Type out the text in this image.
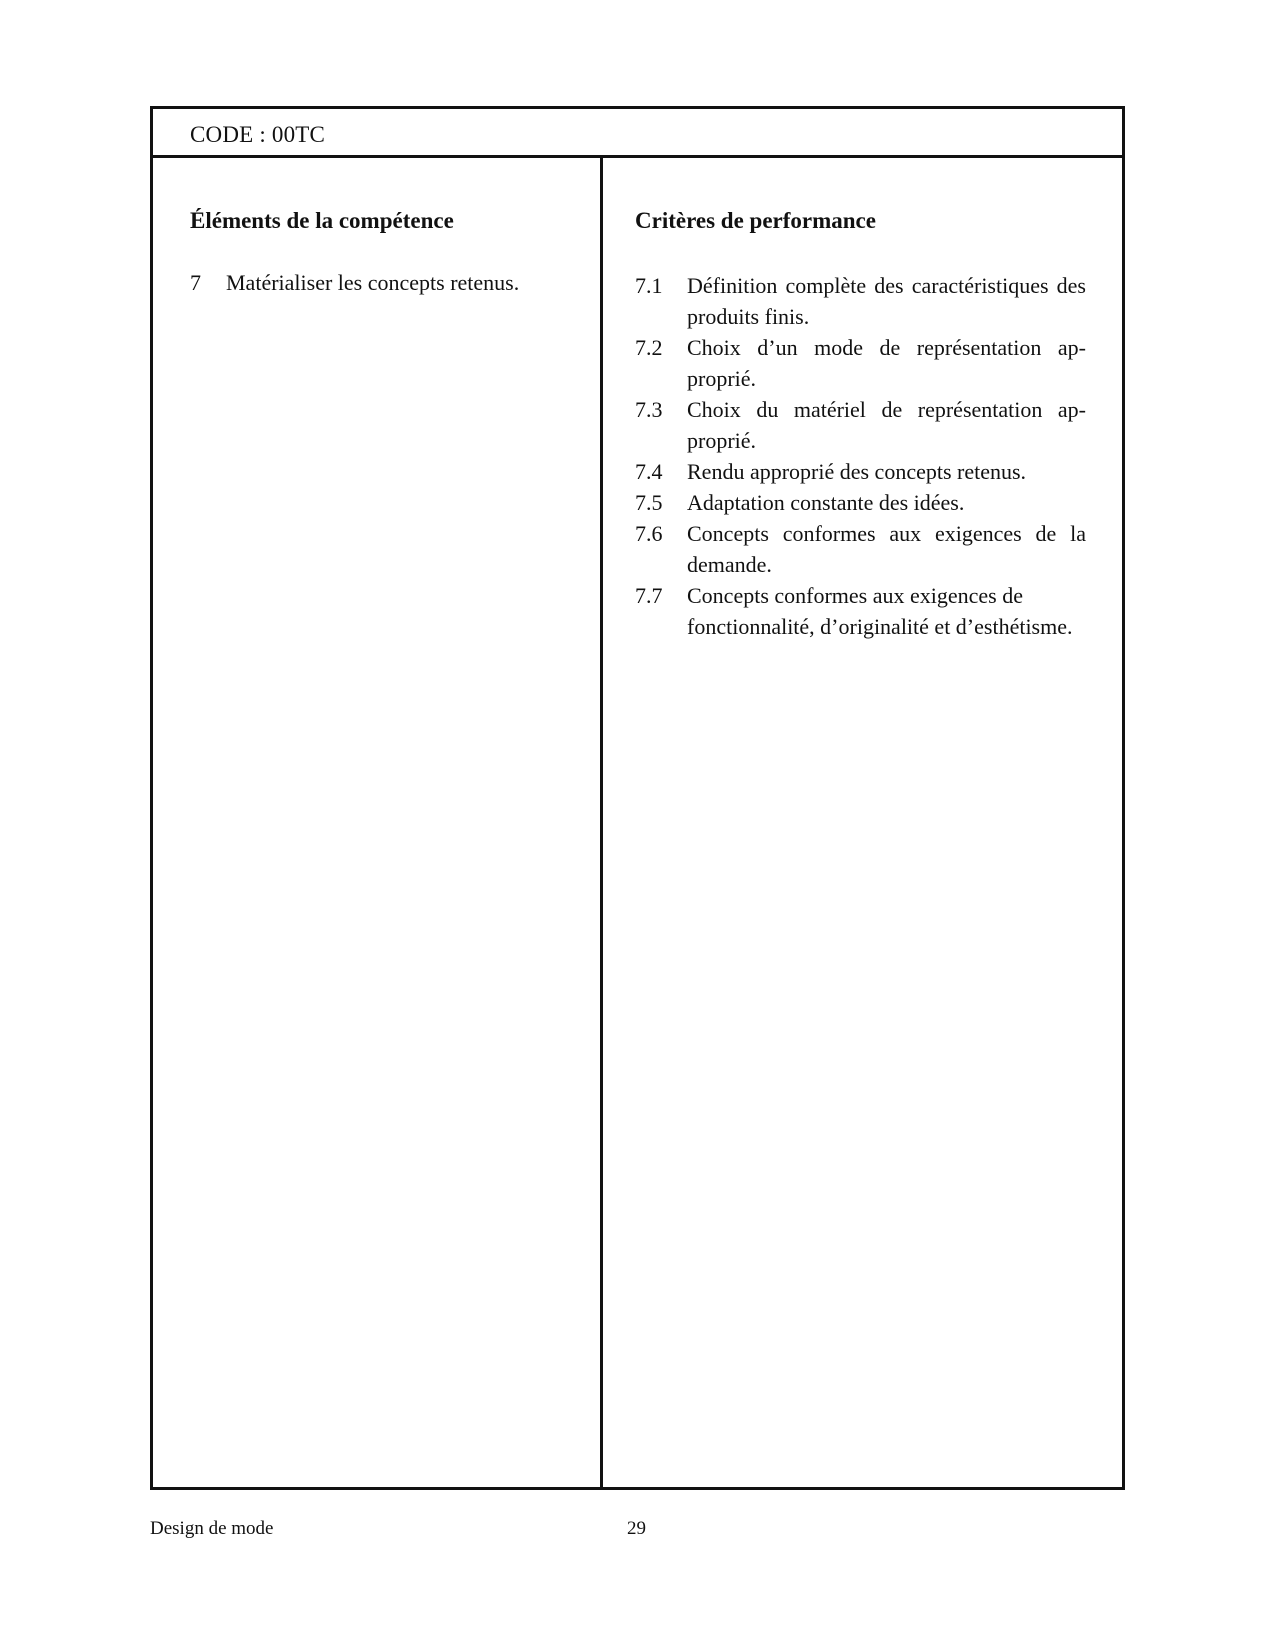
CODE : 00TC
Éléments de la compétence	Critères de performance
7	Matérialiser les concepts retenus.	7.1	Définition complète des caractéristiques des produits finis.
7.2	Choix d’un mode de représentation approprié.
7.3	Choix du matériel de représentation approprié.
7.4	Rendu approprié des concepts retenus.
7.5	Adaptation constante des idées.
7.6	Concepts conformes aux exigences de la demande.
7.7	Concepts conformes aux exigences de fonctionnalité, d’originalité et d’esthétisme.
Design de mode	29
